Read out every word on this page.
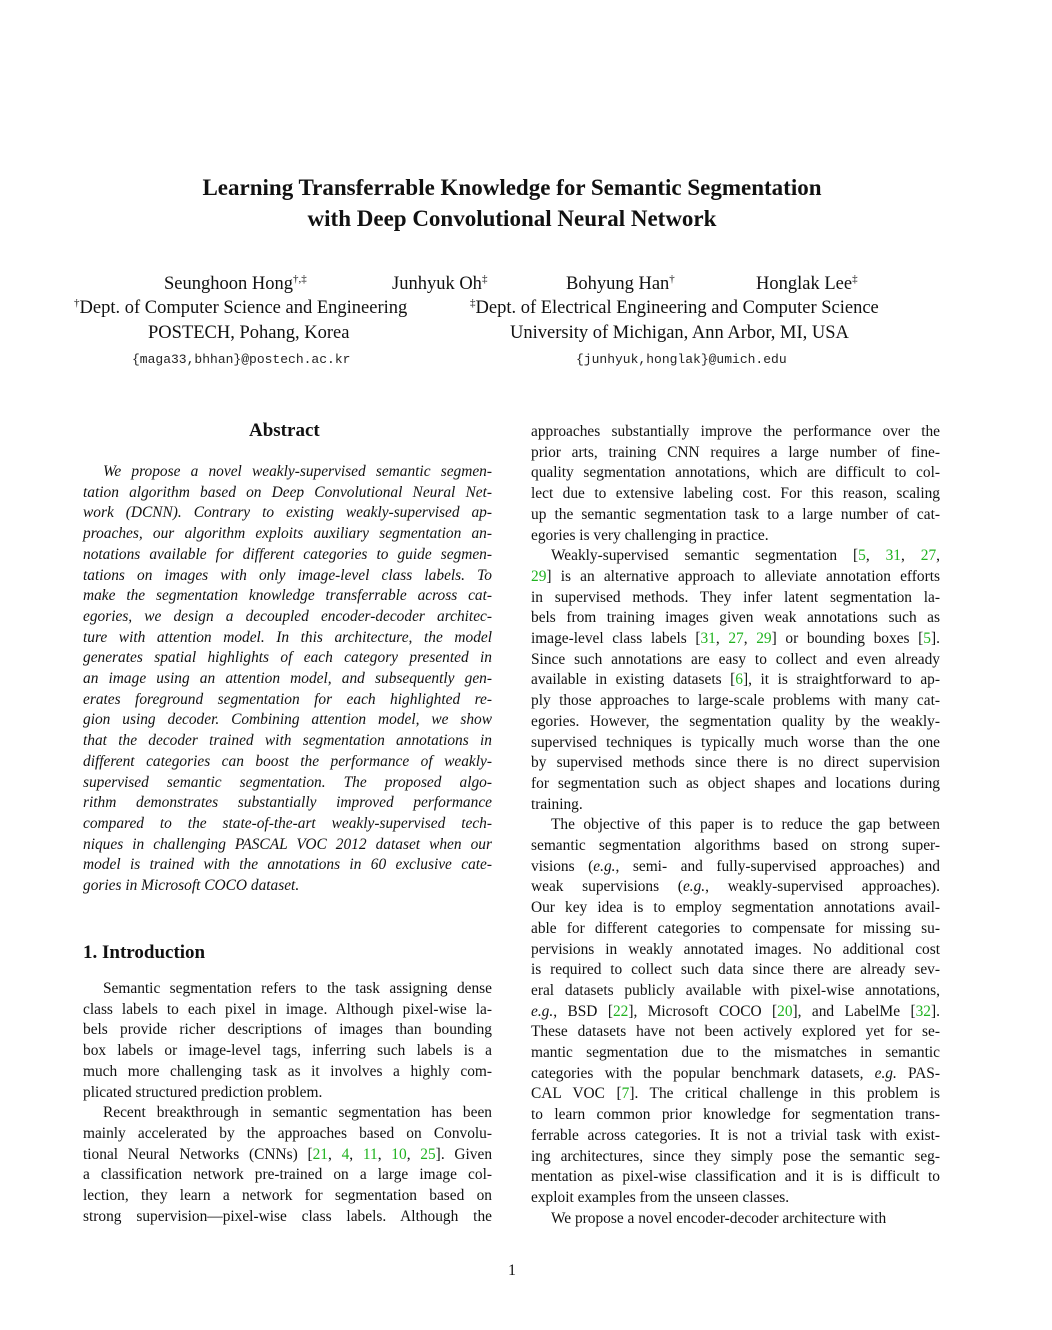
Learning Transferrable Knowledge for Semantic Segmentation
with Deep Convolutional Neural Network
Seunghoon Hong†,‡	Junhyuk Oh‡	Bohyung Han†	Honglak Lee‡
†Dept. of Computer Science and Engineering	‡Dept. of Electrical Engineering and Computer Science
POSTECH, Pohang, Korea	University of Michigan, Ann Arbor, MI, USA
{maga33,bhhan}@postech.ac.kr	{junhyuk,honglak}@umich.edu
Abstract
We propose a novel weakly-supervised semantic segmen-
tation algorithm based on Deep Convolutional Neural Net-
work (DCNN). Contrary to existing weakly-supervised ap-
proaches, our algorithm exploits auxiliary segmentation an-
notations available for different categories to guide segmen-
tations on images with only image-level class labels. To
make the segmentation knowledge transferrable across cat-
egories, we design a decoupled encoder-decoder architec-
ture with attention model. In this architecture, the model
generates spatial highlights of each category presented in
an image using an attention model, and subsequently gen-
erates foreground segmentation for each highlighted re-
gion using decoder. Combining attention model, we show
that the decoder trained with segmentation annotations in
different categories can boost the performance of weakly-
supervised semantic segmentation. The proposed algo-
rithm demonstrates substantially improved performance
compared to the state-of-the-art weakly-supervised tech-
niques in challenging PASCAL VOC 2012 dataset when our
model is trained with the annotations in 60 exclusive cate-
gories in Microsoft COCO dataset.
1. Introduction
Semantic segmentation refers to the task assigning dense
class labels to each pixel in image. Although pixel-wise la-
bels provide richer descriptions of images than bounding
box labels or image-level tags, inferring such labels is a
much more challenging task as it involves a highly com-
plicated structured prediction problem.
Recent breakthrough in semantic segmentation has been
mainly accelerated by the approaches based on Convolu-
tional Neural Networks (CNNs) [21, 4, 11, 10, 25]. Given
a classification network pre-trained on a large image col-
lection, they learn a network for segmentation based on
strong supervision—pixel-wise class labels. Although the
approaches substantially improve the performance over the
prior arts, training CNN requires a large number of fine-
quality segmentation annotations, which are difficult to col-
lect due to extensive labeling cost. For this reason, scaling
up the semantic segmentation task to a large number of cat-
egories is very challenging in practice.
Weakly-supervised semantic segmentation [5, 31, 27,
29] is an alternative approach to alleviate annotation efforts
in supervised methods. They infer latent segmentation la-
bels from training images given weak annotations such as
image-level class labels [31, 27, 29] or bounding boxes [5].
Since such annotations are easy to collect and even already
available in existing datasets [6], it is straightforward to ap-
ply those approaches to large-scale problems with many cat-
egories. However, the segmentation quality by the weakly-
supervised techniques is typically much worse than the one
by supervised methods since there is no direct supervision
for segmentation such as object shapes and locations during
training.
The objective of this paper is to reduce the gap between
semantic segmentation algorithms based on strong super-
visions (e.g., semi- and fully-supervised approaches) and
weak supervisions (e.g., weakly-supervised approaches).
Our key idea is to employ segmentation annotations avail-
able for different categories to compensate for missing su-
pervisions in weakly annotated images. No additional cost
is required to collect such data since there are already sev-
eral datasets publicly available with pixel-wise annotations,
e.g., BSD [22], Microsoft COCO [20], and LabelMe [32].
These datasets have not been actively explored yet for se-
mantic segmentation due to the mismatches in semantic
categories with the popular benchmark datasets, e.g. PAS-
CAL VOC [7]. The critical challenge in this problem is
to learn common prior knowledge for segmentation trans-
ferrable across categories. It is not a trivial task with exist-
ing architectures, since they simply pose the semantic seg-
mentation as pixel-wise classification and it is is difficult to
exploit examples from the unseen classes.
We propose a novel encoder-decoder architecture with
1
